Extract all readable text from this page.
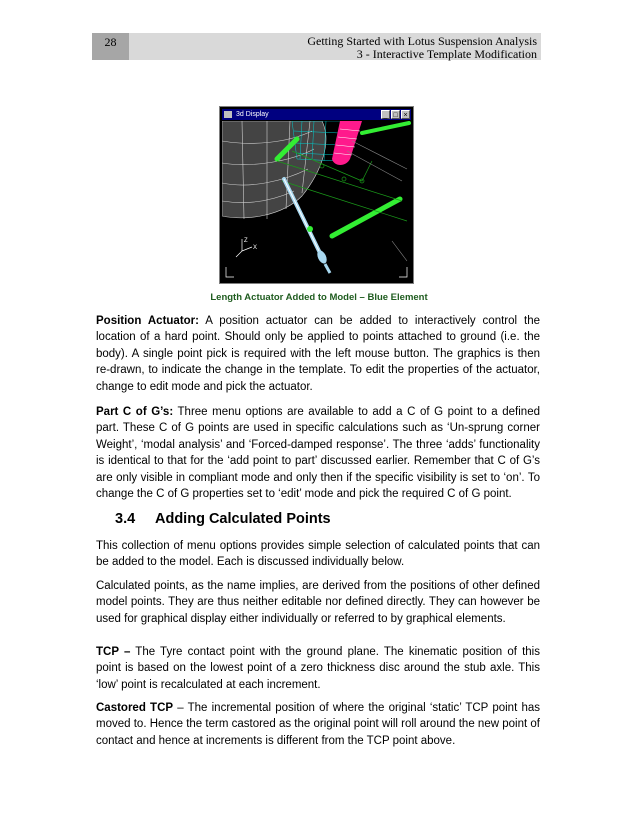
28	Getting Started with Lotus Suspension Analysis
3 - Interactive Template Modification
3d Display	_ □ ×
Z
X
Length Actuator Added to Model – Blue Element

Position Actuator: A position actuator can be added to interactively control the location of a hard point. Should only be applied to points attached to ground (i.e. the body). A single point pick is required with the left mouse button. The graphics is then re-drawn, to indicate the change in the template. To edit the properties of the actuator, change to edit mode and pick the actuator.

Part C of G’s: Three menu options are available to add a C of G point to a defined part. These C of G points are used in specific calculations such as ‘Un-sprung corner Weight’, ‘modal analysis’ and ‘Forced-damped response’. The three ‘adds’ functionality is identical to that for the ‘add point to part’ discussed earlier. Remember that C of G’s are only visible in compliant mode and only then if the specific visibility is set to ‘on’. To change the C of G properties set to ‘edit’ mode and pick the required C of G point.

3.4 Adding Calculated Points

This collection of menu options provides simple selection of calculated points that can be added to the model. Each is discussed individually below.

Calculated points, as the name implies, are derived from the positions of other defined model points. They are thus neither editable nor defined directly. They can however be used for graphical display either individually or referred to by graphical elements.

TCP – The Tyre contact point with the ground plane. The kinematic position of this point is based on the lowest point of a zero thickness disc around the stub axle. This ‘low’ point is recalculated at each increment.

Castored TCP – The incremental position of where the original ‘static’ TCP point has moved to. Hence the term castored as the original point will roll around the new point of contact and hence at increments is different from the TCP point above.
